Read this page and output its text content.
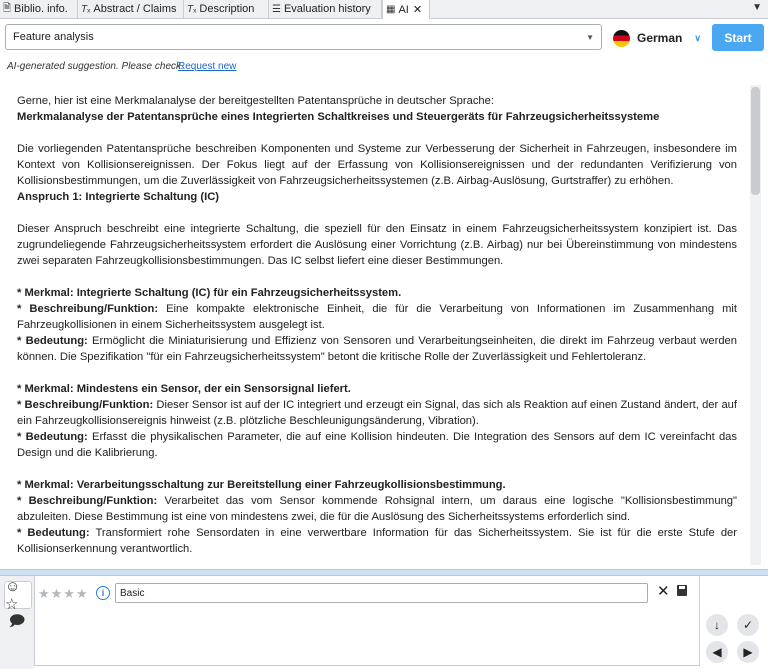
🗎 Biblio. info. Tₓ Abstract / Claims Tₓ Description ☰ Evaluation history ▦ AI ✕	▼
Feature analysis	▼	German ∨	Start
AI-generated suggestion. Please check.
Request new

Gerne, hier ist eine Merkmalanalyse der bereitgestellten Patentansprüche in deutscher Sprache:

Merkmalanalyse der Patentansprüche eines Integrierten Schaltkreises und Steuergeräts für Fahrzeugsicherheitssysteme

Die vorliegenden Patentansprüche beschreiben Komponenten und Systeme zur Verbesserung der Sicherheit in Fahrzeugen, insbesondere im Kontext von Kollisionsereignissen. Der Fokus liegt auf der Erfassung von Kollisionsereignissen und der redundanten Verifizierung von Kollisionsbestimmungen, um die Zuverlässigkeit von Fahrzeugsicherheitssystemen (z.B. Airbag-Auslösung, Gurtstraffer) zu erhöhen.

Anspruch 1: Integrierte Schaltung (IC)

Dieser Anspruch beschreibt eine integrierte Schaltung, die speziell für den Einsatz in einem Fahrzeugsicherheitssystem konzipiert ist. Das zugrundeliegende Fahrzeugsicherheitssystem erfordert die Auslösung einer Vorrichtung (z.B. Airbag) nur bei Übereinstimmung von mindestens zwei separaten Fahrzeugkollisionsbestimmungen. Das IC selbst liefert eine dieser Bestimmungen.

* Merkmal: Integrierte Schaltung (IC) für ein Fahrzeugsicherheitssystem.

* Beschreibung/Funktion: Eine kompakte elektronische Einheit, die für die Verarbeitung von Informationen im Zusammenhang mit Fahrzeugkollisionen in einem Sicherheitssystem ausgelegt ist.

* Bedeutung: Ermöglicht die Miniaturisierung und Effizienz von Sensoren und Verarbeitungseinheiten, die direkt im Fahrzeug verbaut werden können. Die Spezifikation "für ein Fahrzeugsicherheitssystem" betont die kritische Rolle der Zuverlässigkeit und Fehlertoleranz.

* Merkmal: Mindestens ein Sensor, der ein Sensorsignal liefert.

* Beschreibung/Funktion: Dieser Sensor ist auf der IC integriert und erzeugt ein Signal, das sich als Reaktion auf einen Zustand ändert, der auf ein Fahrzeugkollisionsereignis hinweist (z.B. plötzliche Beschleunigungsänderung, Vibration).

* Bedeutung: Erfasst die physikalischen Parameter, die auf eine Kollision hindeuten. Die Integration des Sensors auf dem IC vereinfacht das Design und die Kalibrierung.

* Merkmal: Verarbeitungsschaltung zur Bereitstellung einer Fahrzeugkollisionsbestimmung.

* Beschreibung/Funktion: Verarbeitet das vom Sensor kommende Rohsignal intern, um daraus eine logische "Kollisionsbestimmung" abzuleiten. Diese Bestimmung ist eine von mindestens zwei, die für die Auslösung des Sicherheitssystems erforderlich sind.

* Bedeutung: Transformiert rohe Sensordaten in eine verwertbare Information für das Sicherheitssystem. Sie ist für die erste Stufe der Kollisionserkennung verantwortlich.

☺☆
🗩
★★★★	i	Basic	✕
↓	✓
◀	▶
